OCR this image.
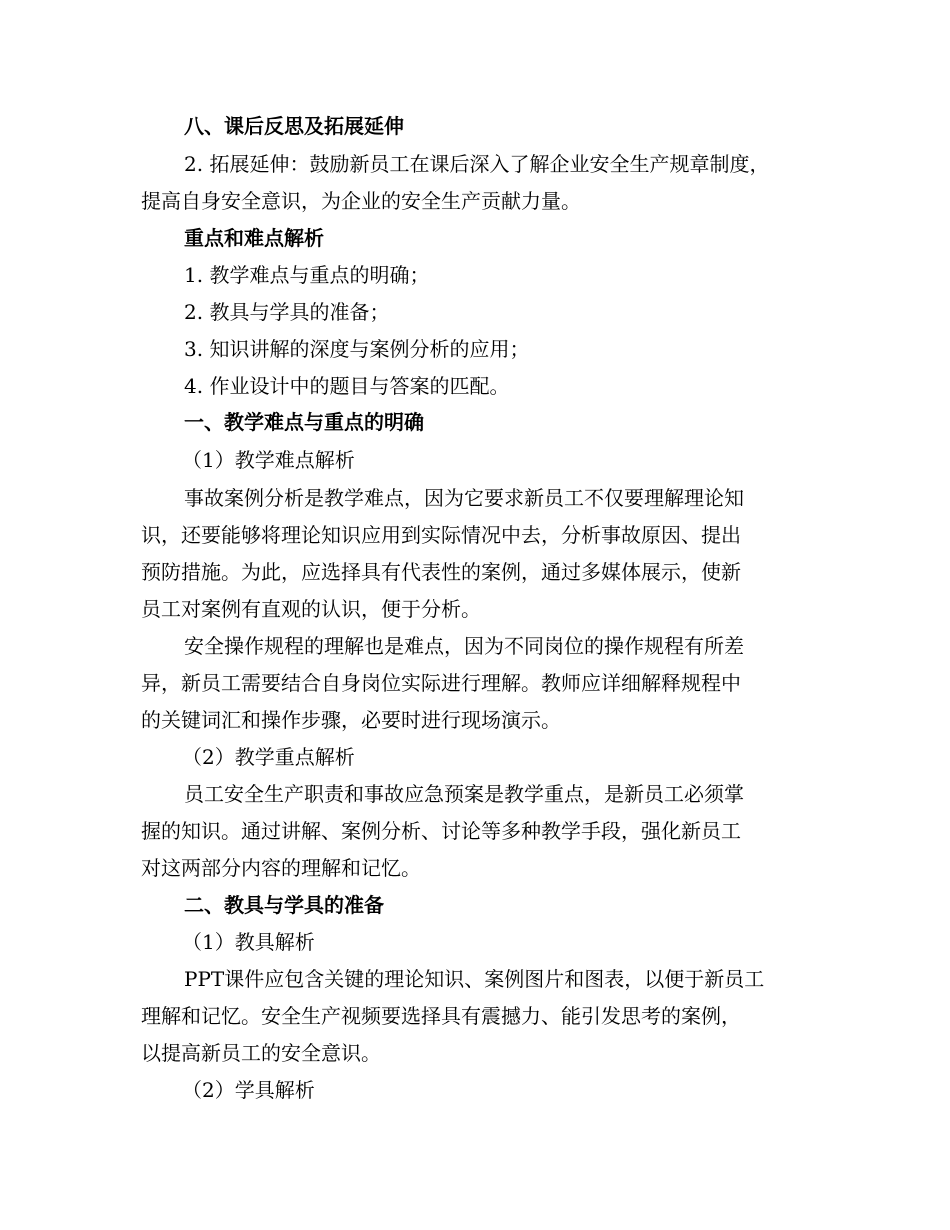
八、课后反思及拓展延伸
2. 拓展延伸：鼓励新员工在课后深入了解企业安全生产规章制度，
提高自身安全意识，为企业的安全生产贡献力量。
重点和难点解析
1. 教学难点与重点的明确；
2. 教具与学具的准备；
3. 知识讲解的深度与案例分析的应用；
4. 作业设计中的题目与答案的匹配。
一、教学难点与重点的明确
（1）教学难点解析
事故案例分析是教学难点，因为它要求新员工不仅要理解理论知
识，还要能够将理论知识应用到实际情况中去，分析事故原因、提出
预防措施。为此，应选择具有代表性的案例，通过多媒体展示，使新
员工对案例有直观的认识，便于分析。
安全操作规程的理解也是难点，因为不同岗位的操作规程有所差
异，新员工需要结合自身岗位实际进行理解。教师应详细解释规程中
的关键词汇和操作步骤，必要时进行现场演示。
（2）教学重点解析
员工安全生产职责和事故应急预案是教学重点，是新员工必须掌
握的知识。通过讲解、案例分析、讨论等多种教学手段，强化新员工
对这两部分内容的理解和记忆。
二、教具与学具的准备
（1）教具解析
PPT课件应包含关键的理论知识、案例图片和图表，以便于新员工
理解和记忆。安全生产视频要选择具有震撼力、能引发思考的案例，
以提高新员工的安全意识。
（2）学具解析
